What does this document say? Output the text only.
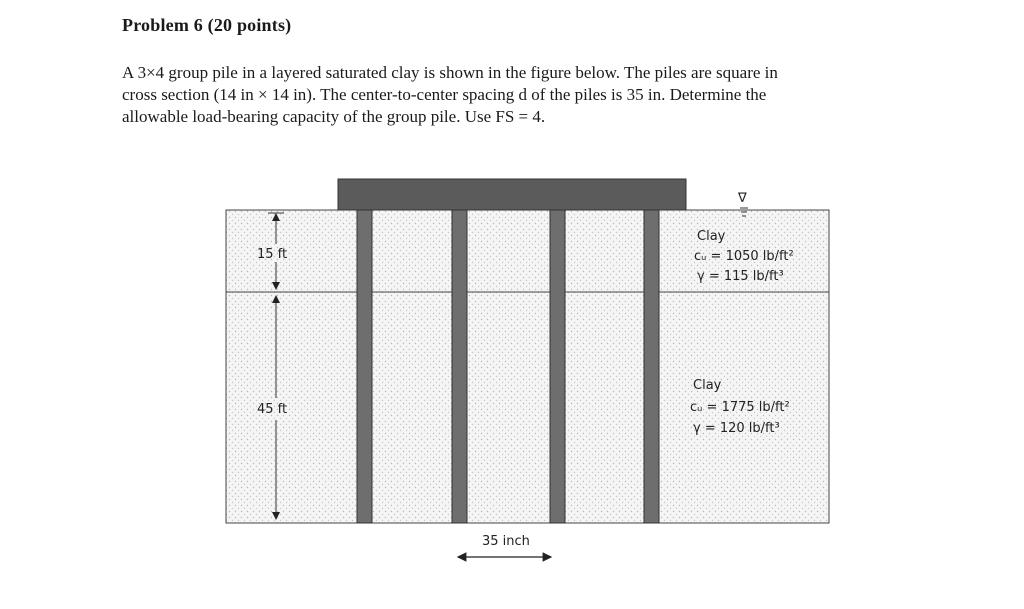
Problem 6 (20 points)
A 3×4 group pile in a layered saturated clay is shown in the figure below. The piles are square in
cross section (14 in × 14 in). The center-to-center spacing d of the piles is 35 in. Determine the
allowable load-bearing capacity of the group pile. Use FS = 4.
∇
15 ft
45 ft
Clay
cᵤ = 1050 lb/ft²
γ = 115 lb/ft³
Clay
cᵤ = 1775 lb/ft²
γ = 120 lb/ft³
35 inch
